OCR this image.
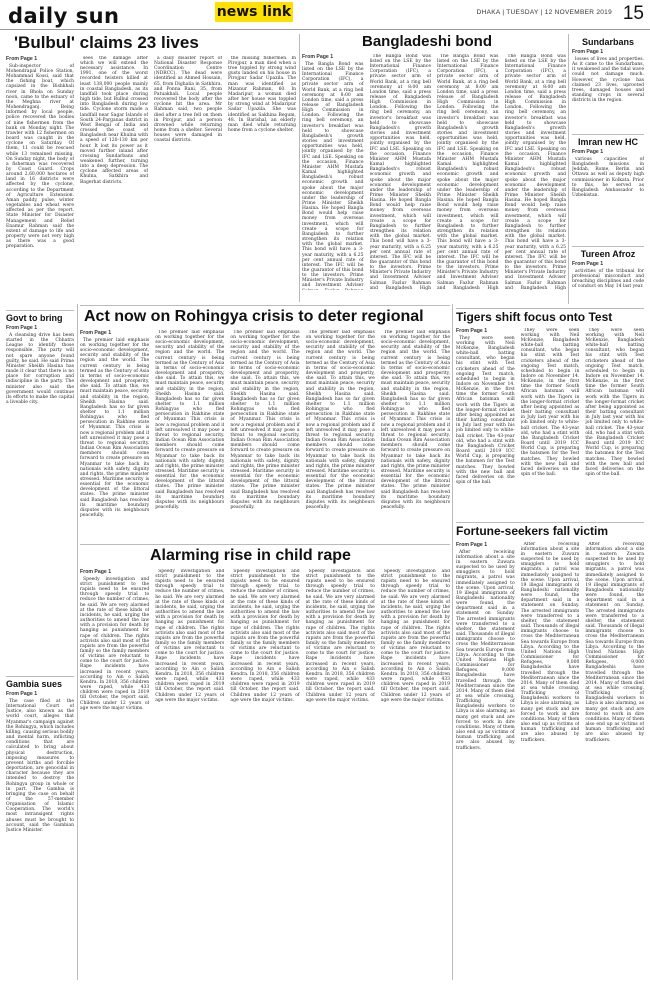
daily sun	news link	DHAKA | TUESDAY | 12 NOVEMBER 2019 15
'Bulbul' claims 23 lives
From Page 1

Sub-inspector of Mohendrapal Police Station, Mohammad Kossi, said that the fishing boat, which capsized in the Bishkhali river in Bhola on Sunday noon, came to the estuary of the Meghna river at Mohendraganj. Being informed by local people, police recovered the bodies of nine fishermen from the bank on Monday night. The trawler with 12 fishermen on board was caught in the cyclone on Saturday. Of them, 11 could be rescued while 13 remained missing. On Sunday night, the body of a fisherman was recovered by Coast Guard. Crops around 2,60,000 hectares of land in 16 districts were affected by the cyclone, according to the Department of Agriculture Extension. Aman paddy, pulse, winter vegetables and wheat were affected as per the report. State Minister for Disaster Management and Relief Enamur Rahman said the extent of damage to life and property were not very high as there was a good preparation.

sees the damage after which we will extend the necessary assistance. In 1991, one of the worst recorded twisters killed at least 138,000 people mainly in coastal Bangladesh, as its landfall took place during high tide, but Bulbul crossed into Bangladesh during low tide. Cyclone storm made a landfall near Sagar Islands of South 24-Parganas district in West Bengal of India and crossed the coast of Bangladesh near Khulna with a speed of 120-130 km per hour. It lost its power as it moved further inland after crossing Sundarbans and weakened further, turning into a deep depression. The cyclone affected areas of Khulna, Satkhira and Bagerhat districts.

a daily disaster report of National Disaster Response Coordination Centre (NDRCC). The dead were identified as Ahmed Hossain, 65, from Dighalia in Satkhira, and Ponna Rani, 35, from Patuakhali. Local people recovered the body after the cyclone hit the area. Mr Rahman said, two people died after a tree fell on them in Pirojpur, and a person drowned while returning home from a shelter. Several houses were damaged in coastal districts.

the missing fishermen. In Pirojpur, a man died when a tree toppled by strong wind gusts landed on his house in Pirojpur Sadar Upazila. The man was identified as Mizanur Rahman, 60. In Madaripur, a woman died after her house was toppled by strong wind at Madaripur Sadar Upazila. She was identified as Sakhina Begum, 48. In Barishal, an elderly man died while returning home from a cyclone shelter.

Govt to bring
From Page 1

A cleansing drive has been started in the Chhatra League to identify those responsible. The party will not spare anyone found guilty, he said. He said Prime Minister Sheikh Hasina has made it clear that there is no place for corruption and indiscipline in the party. The minister also said the government would continue its efforts to make the capital a liveable city.

Act now on Rohingya crisis to deter regional
From Page 1

The premier laid emphasis on working together for the socio-economic development, security and stability of the region and the world. The current century is being termed as the Century of Asia in terms of socio-economic development and prosperity, she said. To attain this, we must maintain peace, security and stability in the region, Sheikh Hasina said. Bangladesh has so far given shelter to 1.1 million Rohingyas who fled persecution in Rakhine state of Myanmar. This crisis is now a regional problem and if left unresolved it may pose a threat to regional security. Indian Ocean Rim Association members should come forward to create pressure on Myanmar to take back its nationals with safety, dignity and rights, the prime minister stressed. Maritime security is essential for the economic development of the littoral states. The prime minister said Bangladesh has resolved its maritime boundary disputes with its neighbours peacefully.

The premier laid emphasis on working together for the socio-economic development, security and stability of the region and the world. The current century is being termed as the Century of Asia in terms of socio-economic development and prosperity, she said. To attain this, we must maintain peace, security and stability in the region, Sheikh Hasina said. Bangladesh has so far given shelter to 1.1 million Rohingyas who fled persecution in Rakhine state of Myanmar. This crisis is now a regional problem and if left unresolved it may pose a threat to regional security. Indian Ocean Rim Association members should come forward to create pressure on Myanmar to take back its nationals with safety, dignity and rights, the prime minister stressed. Maritime security is essential for the economic development of the littoral states. The prime minister said Bangladesh has resolved its maritime boundary disputes with its neighbours peacefully.

The premier laid emphasis on working together for the socio-economic development, security and stability of the region and the world. The current century is being termed as the Century of Asia in terms of socio-economic development and prosperity, she said. To attain this, we must maintain peace, security and stability in the region, Sheikh Hasina said. Bangladesh has so far given shelter to 1.1 million Rohingyas who fled persecution in Rakhine state of Myanmar. This crisis is now a regional problem and if left unresolved it may pose a threat to regional security. Indian Ocean Rim Association members should come forward to create pressure on Myanmar to take back its nationals with safety, dignity and rights, the prime minister stressed. Maritime security is essential for the economic development of the littoral states. The prime minister said Bangladesh has resolved its maritime boundary disputes with its neighbours peacefully.

The premier laid emphasis on working together for the socio-economic development, security and stability of the region and the world. The current century is being termed as the Century of Asia in terms of socio-economic development and prosperity, she said. To attain this, we must maintain peace, security and stability in the region, Sheikh Hasina said. Bangladesh has so far given shelter to 1.1 million Rohingyas who fled persecution in Rakhine state of Myanmar. This crisis is now a regional problem and if left unresolved it may pose a threat to regional security. Indian Ocean Rim Association members should come forward to create pressure on Myanmar to take back its nationals with safety, dignity and rights, the prime minister stressed. Maritime security is essential for the economic development of the littoral states. The prime minister said Bangladesh has resolved its maritime boundary disputes with its neighbours peacefully.

The premier laid emphasis on working together for the socio-economic development, security and stability of the region and the world. The current century is being termed as the Century of Asia in terms of socio-economic development and prosperity, she said. To attain this, we must maintain peace, security and stability in the region, Sheikh Hasina said. Bangladesh has so far given shelter to 1.1 million Rohingyas who fled persecution in Rakhine state of Myanmar. This crisis is now a regional problem and if left unresolved it may pose a threat to regional security. Indian Ocean Rim Association members should come forward to create pressure on Myanmar to take back its nationals with safety, dignity and rights, the prime minister stressed. Maritime security is essential for the economic development of the littoral states. The prime minister said Bangladesh has resolved its maritime boundary disputes with its neighbours peacefully.

Gambia sues
From Page 1

The case filed at the International Court of Justice, also known as the world court, alleges that Myanmar's campaign against the Rohingya, which includes killing, causing serious bodily and mental harm, inflicting conditions that are calculated to bring about physical destruction, imposing measures to prevent births and forcible deportation, are genocidal in character because they are intended to destroy the Rohingya group in whole or in part. The Gambia is bringing the case on behalf of the 57-member Organisation of Islamic Cooperation. The world's most intransigent rights abuses must be brought to account, said the Gambian Justice Minister.

Alarming rise in child rape
From Page 1

Speedy investigation and strict punishment to the rapists need to be ensured through speedy trial to reduce the number of crimes, he said. We are very alarmed at the rate of these kinds of incidents, he said, urging the authorities to amend the law with a provision for death by hanging as punishment for rape of children. The rights activists also said most of the rapists are from the powerful family so the family members of victims are reluctant to come to the court for justice. Rape incidents have increased in recent years, according to Ain o Salish Kendra. In 2018, 356 children were raped, while 433 children were raped in 2019 till October, the report said. Children under 12 years of age were the major victims.

Speedy investigation and strict punishment to the rapists need to be ensured through speedy trial to reduce the number of crimes, he said. We are very alarmed at the rate of these kinds of incidents, he said, urging the authorities to amend the law with a provision for death by hanging as punishment for rape of children. The rights activists also said most of the rapists are from the powerful family so the family members of victims are reluctant to come to the court for justice. Rape incidents have increased in recent years, according to Ain o Salish Kendra. In 2018, 356 children were raped, while 433 children were raped in 2019 till October, the report said. Children under 12 years of age were the major victims.

Speedy investigation and strict punishment to the rapists need to be ensured through speedy trial to reduce the number of crimes, he said. We are very alarmed at the rate of these kinds of incidents, he said, urging the authorities to amend the law with a provision for death by hanging as punishment for rape of children. The rights activists also said most of the rapists are from the powerful family so the family members of victims are reluctant to come to the court for justice. Rape incidents have increased in recent years, according to Ain o Salish Kendra. In 2018, 356 children were raped, while 433 children were raped in 2019 till October, the report said. Children under 12 years of age were the major victims.

Speedy investigation and strict punishment to the rapists need to be ensured through speedy trial to reduce the number of crimes, he said. We are very alarmed at the rate of these kinds of incidents, he said, urging the authorities to amend the law with a provision for death by hanging as punishment for rape of children. The rights activists also said most of the rapists are from the powerful family so the family members of victims are reluctant to come to the court for justice. Rape incidents have increased in recent years, according to Ain o Salish Kendra. In 2018, 356 children were raped, while 433 children were raped in 2019 till October, the report said. Children under 12 years of age were the major victims.

Speedy investigation and strict punishment to the rapists need to be ensured through speedy trial to reduce the number of crimes, he said. We are very alarmed at the rate of these kinds of incidents, he said, urging the authorities to amend the law with a provision for death by hanging as punishment for rape of children. The rights activists also said most of the rapists are from the powerful family so the family members of victims are reluctant to come to the court for justice. Rape incidents have increased in recent years, according to Ain o Salish Kendra. In 2018, 356 children were raped, while 433 children were raped in 2019 till October, the report said. Children under 12 years of age were the major victims.

Bangladeshi bond
From Page 1

The Bangla Bond was listed on the LSE by the International Finance Corporation (IFC), a private sector arm of World Bank, at a ring bell ceremony at 8:00 am London time, said a press release of Bangladesh High Commission in London. Following the ring bell ceremony, an investor's breakfast was held to showcase Bangladesh's growth stories and investment opportunities was held, jointly organised by the IFC and LSE. Speaking on the occasion, Finance Minister AHM Mustafa Kamal highlighted Bangladesh's robust economic growth and spoke about the major economic development under the leadership of Prime Minister Sheikh Hasina. He hoped Bangla Bond would help raise money from overseas investment, which will create a scope for Bangladesh to further strengthen its relation with the global market. This bond will have a 3-year maturity, with a 6.25 per cent annual rate of interest. The IFC will be the guarantor of this bond to the investors. Prime Minister's Private Industry and Investment Adviser

The Bangla Bond was listed on the LSE by the International Finance Corporation (IFC), a private sector arm of World Bank, at a ring bell ceremony at 8:00 am London time, said a press release of Bangladesh High Commission in London. Following the ring bell ceremony, an investor's breakfast was held to showcase Bangladesh's growth stories and investment opportunities was held, jointly organised by the IFC and LSE. Speaking on the occasion, Finance Minister AHM Mustafa Kamal highlighted Bangladesh's robust economic growth and spoke about the major economic development under the leadership of Prime Minister Sheikh Hasina. He hoped Bangla Bond would help raise money from overseas investment, which will create a scope for Bangladesh to further strengthen its relation with the global market. This bond will have a 3-year maturity, with a 6.25 per cent annual rate of interest. The IFC will be the guarantor of this bond to the investors. Prime Minister's Private Industry and Investment Adviser Salman Fazlur Rahman and Bangladesh High

The Bangla Bond was listed on the LSE by the International Finance Corporation (IFC), a private sector arm of World Bank, at a ring bell ceremony at 8:00 am London time, said a press release of Bangladesh High Commission in London. Following the ring bell ceremony, an investor's breakfast was held to showcase Bangladesh's growth stories and investment opportunities was held, jointly organised by the IFC and LSE. Speaking on the occasion, Finance Minister AHM Mustafa Kamal highlighted Bangladesh's robust economic growth and spoke about the major economic development under the leadership of Prime Minister Sheikh Hasina. He hoped Bangla Bond would help raise money from overseas investment, which will create a scope for Bangladesh to further strengthen its relation with the global market. This bond will have a 3-year maturity, with a 6.25 per cent annual rate of interest. The IFC will be the guarantor of this bond to the investors. Prime Minister's Private Industry and Investment Adviser Salman Fazlur Rahman and Bangladesh High

The Bangla Bond was listed on the LSE by the International Finance Corporation (IFC), a private sector arm of World Bank, at a ring bell ceremony at 8:00 am London time, said a press release of Bangladesh High Commission in London. Following the ring bell ceremony, an investor's breakfast was held to showcase Bangladesh's growth stories and investment opportunities was held, jointly organised by the IFC and LSE. Speaking on the occasion, Finance Minister AHM Mustafa Kamal highlighted Bangladesh's robust economic growth and spoke about the major economic development under the leadership of Prime Minister Sheikh Hasina. He hoped Bangla Bond would help raise money from overseas investment, which will create a scope for Bangladesh to further strengthen its relation with the global market. This bond will have a 3-year maturity, with a 6.25 per cent annual rate of interest. The IFC will be the guarantor of this bond to the investors. Prime Minister's Private Industry and Investment Adviser Salman Fazlur Rahman and Bangladesh High

Sundarbans
From Page 1

losses of lives and properties. As it came to the Sundarbans, it weakened and the tidal wave could not damage much. However, the cyclone has claimed 23 lives, uprooted trees, damaged houses and standing crops in several districts in the region.

Imran new HC
From Page 1

various capacities of Bangladesh missions in Jeddah, Rome, Berlin and Ottawa as well as deputy high commissioner in Kolkata. Prior to this, he served as Bangladesh Ambassador to Uzbekistan.

Tureen Afroz
From Page 1

activities of the tribunal for professional misconduct and breaching disciplines and code of conduct on May 14 last year.

Tigers shift focus onto Test
From Page 1

They were seen working with Neil McKenzie, Bangladesh white-ball batting consultant, who began his stint with Test cricketers ahead of the ongoing Test match, scheduled to begin in Indore on November 14. McKenzie, in the first time the former South African batsman will work with the Tigers in the longer-format cricket after being appointed as their batting consultant in July last year with his job limited only to white-ball cricket. The 43-year old, who had a stint with the Bangladesh Cricket Board until 2019 ICC World Cup, is preparing the batsmen for the Test matches. They bowled with the new ball and faced deliveries on the spin of the ball.

They were seen working with Neil McKenzie, Bangladesh white-ball batting consultant, who began his stint with Test cricketers ahead of the ongoing Test match, scheduled to begin in Indore on November 14. McKenzie, in the first time the former South African batsman will work with the Tigers in the longer-format cricket after being appointed as their batting consultant in July last year with his job limited only to white-ball cricket. The 43-year old, who had a stint with the Bangladesh Cricket Board until 2019 ICC World Cup, is preparing the batsmen for the Test matches. They bowled with the new ball and faced deliveries on the spin of the ball.

They were seen working with Neil McKenzie, Bangladesh white-ball batting consultant, who began his stint with Test cricketers ahead of the ongoing Test match, scheduled to begin in Indore on November 14. McKenzie, in the first time the former South African batsman will work with the Tigers in the longer-format cricket after being appointed as their batting consultant in July last year with his job limited only to white-ball cricket. The 43-year old, who had a stint with the Bangladesh Cricket Board until 2019 ICC World Cup, is preparing the batsmen for the Test matches. They bowled with the new ball and faced deliveries on the spin of the ball.

Fortune-seekers fall victim
From Page 1

After receiving information about a site in eastern Zuwara suspected to be used by smugglers to hold migrants, a patrol was immediately assigned to the scene. Upon arrival, 19 illegal immigrants of Bangladeshi nationality were found, the department said in a statement on Sunday. The arrested immigrants were transferred to a shelter, the statement said. Thousands of illegal immigrants choose to cross the Mediterranean Sea towards Europe from Libya. According to the United Nations High Commissioner for Refugees, 9,000 Bangladeshis have travelled through the Mediterranean since the 2014. Many of them died at sea while crossing. Trafficking of Bangladeshi workers to Libya is also alarming, as many get stuck and are forced to work in dire conditions. Many of them also end up as victims of human trafficking and are also abused by traffickers.

After receiving information about a site in eastern Zuwara suspected to be used by smugglers to hold migrants, a patrol was immediately assigned to the scene. Upon arrival, 19 illegal immigrants of Bangladeshi nationality were found, the department said in a statement on Sunday. The arrested immigrants were transferred to a shelter, the statement said. Thousands of illegal immigrants choose to cross the Mediterranean Sea towards Europe from Libya. According to the United Nations High Commissioner for Refugees, 9,000 Bangladeshis have travelled through the Mediterranean since the 2014. Many of them died at sea while crossing. Trafficking of Bangladeshi workers to Libya is also alarming, as many get stuck and are forced to work in dire conditions. Many of them also end up as victims of human trafficking and are also abused by traffickers.

After receiving information about a site in eastern Zuwara suspected to be used by smugglers to hold migrants, a patrol was immediately assigned to the scene. Upon arrival, 19 illegal immigrants of Bangladeshi nationality were found, the department said in a statement on Sunday. The arrested immigrants were transferred to a shelter, the statement said. Thousands of illegal immigrants choose to cross the Mediterranean Sea towards Europe from Libya. According to the United Nations High Commissioner for Refugees, 9,000 Bangladeshis have travelled through the Mediterranean since the 2014. Many of them died at sea while crossing. Trafficking of Bangladeshi workers to Libya is also alarming, as many get stuck and are forced to work in dire conditions. Many of them also end up as victims of human trafficking and are also abused by traffickers.
